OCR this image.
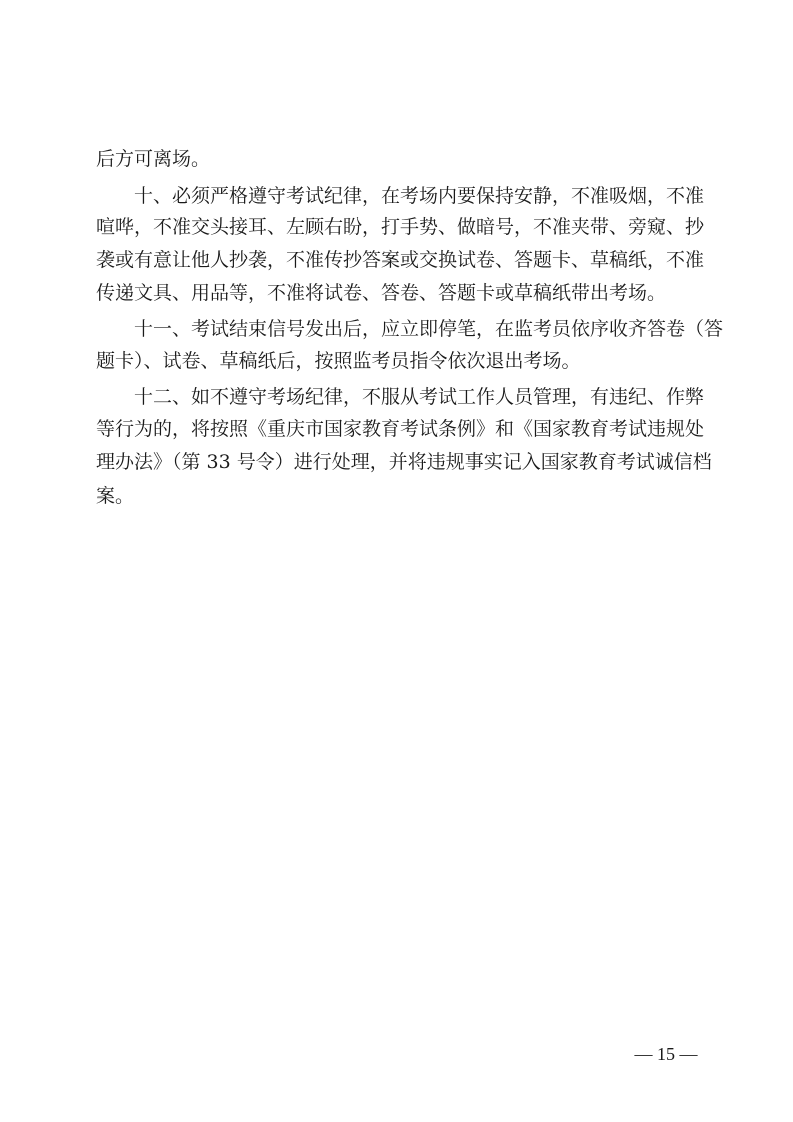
后方可离场。
十、必须严格遵守考试纪律，在考场内要保持安静，不准吸烟，不准
喧哗，不准交头接耳、左顾右盼，打手势、做暗号，不准夹带、旁窥、抄
袭或有意让他人抄袭，不准传抄答案或交换试卷、答题卡、草稿纸，不准
传递文具、用品等，不准将试卷、答卷、答题卡或草稿纸带出考场。
十一、考试结束信号发出后，应立即停笔，在监考员依序收齐答卷（答
题卡）、试卷、草稿纸后，按照监考员指令依次退出考场。
十二、如不遵守考场纪律，不服从考试工作人员管理，有违纪、作弊
等行为的，将按照《重庆市国家教育考试条例》和《国家教育考试违规处
理办法》（第 33 号令）进行处理，并将违规事实记入国家教育考试诚信档
案。
— 15 —
